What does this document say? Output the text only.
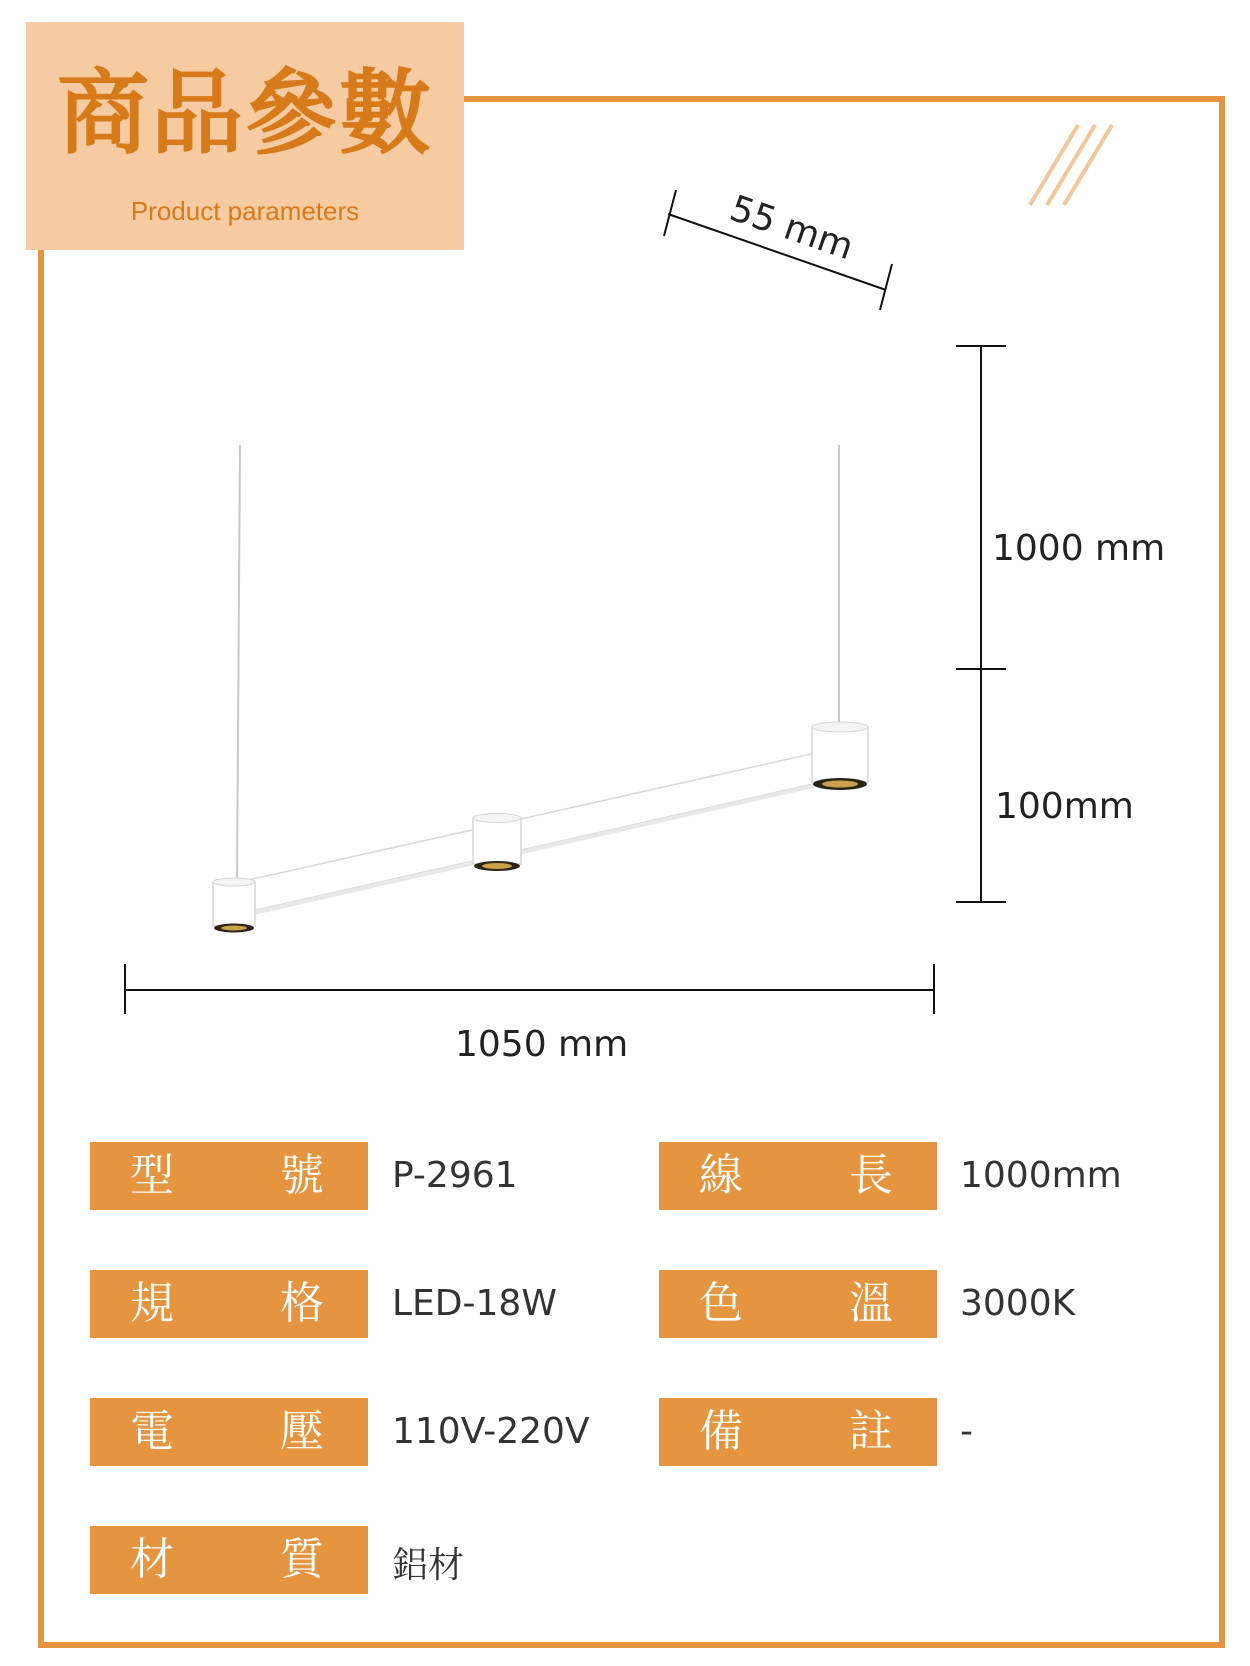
商品參數
Product parameters	55 mm
1000 mm
100mm
1050 mm
型 號 P-2961	線 長 1000mm
規 格 LED-18W	色 溫 3000K
電 壓 110V-220V 備 註 -
材 質 鋁材
